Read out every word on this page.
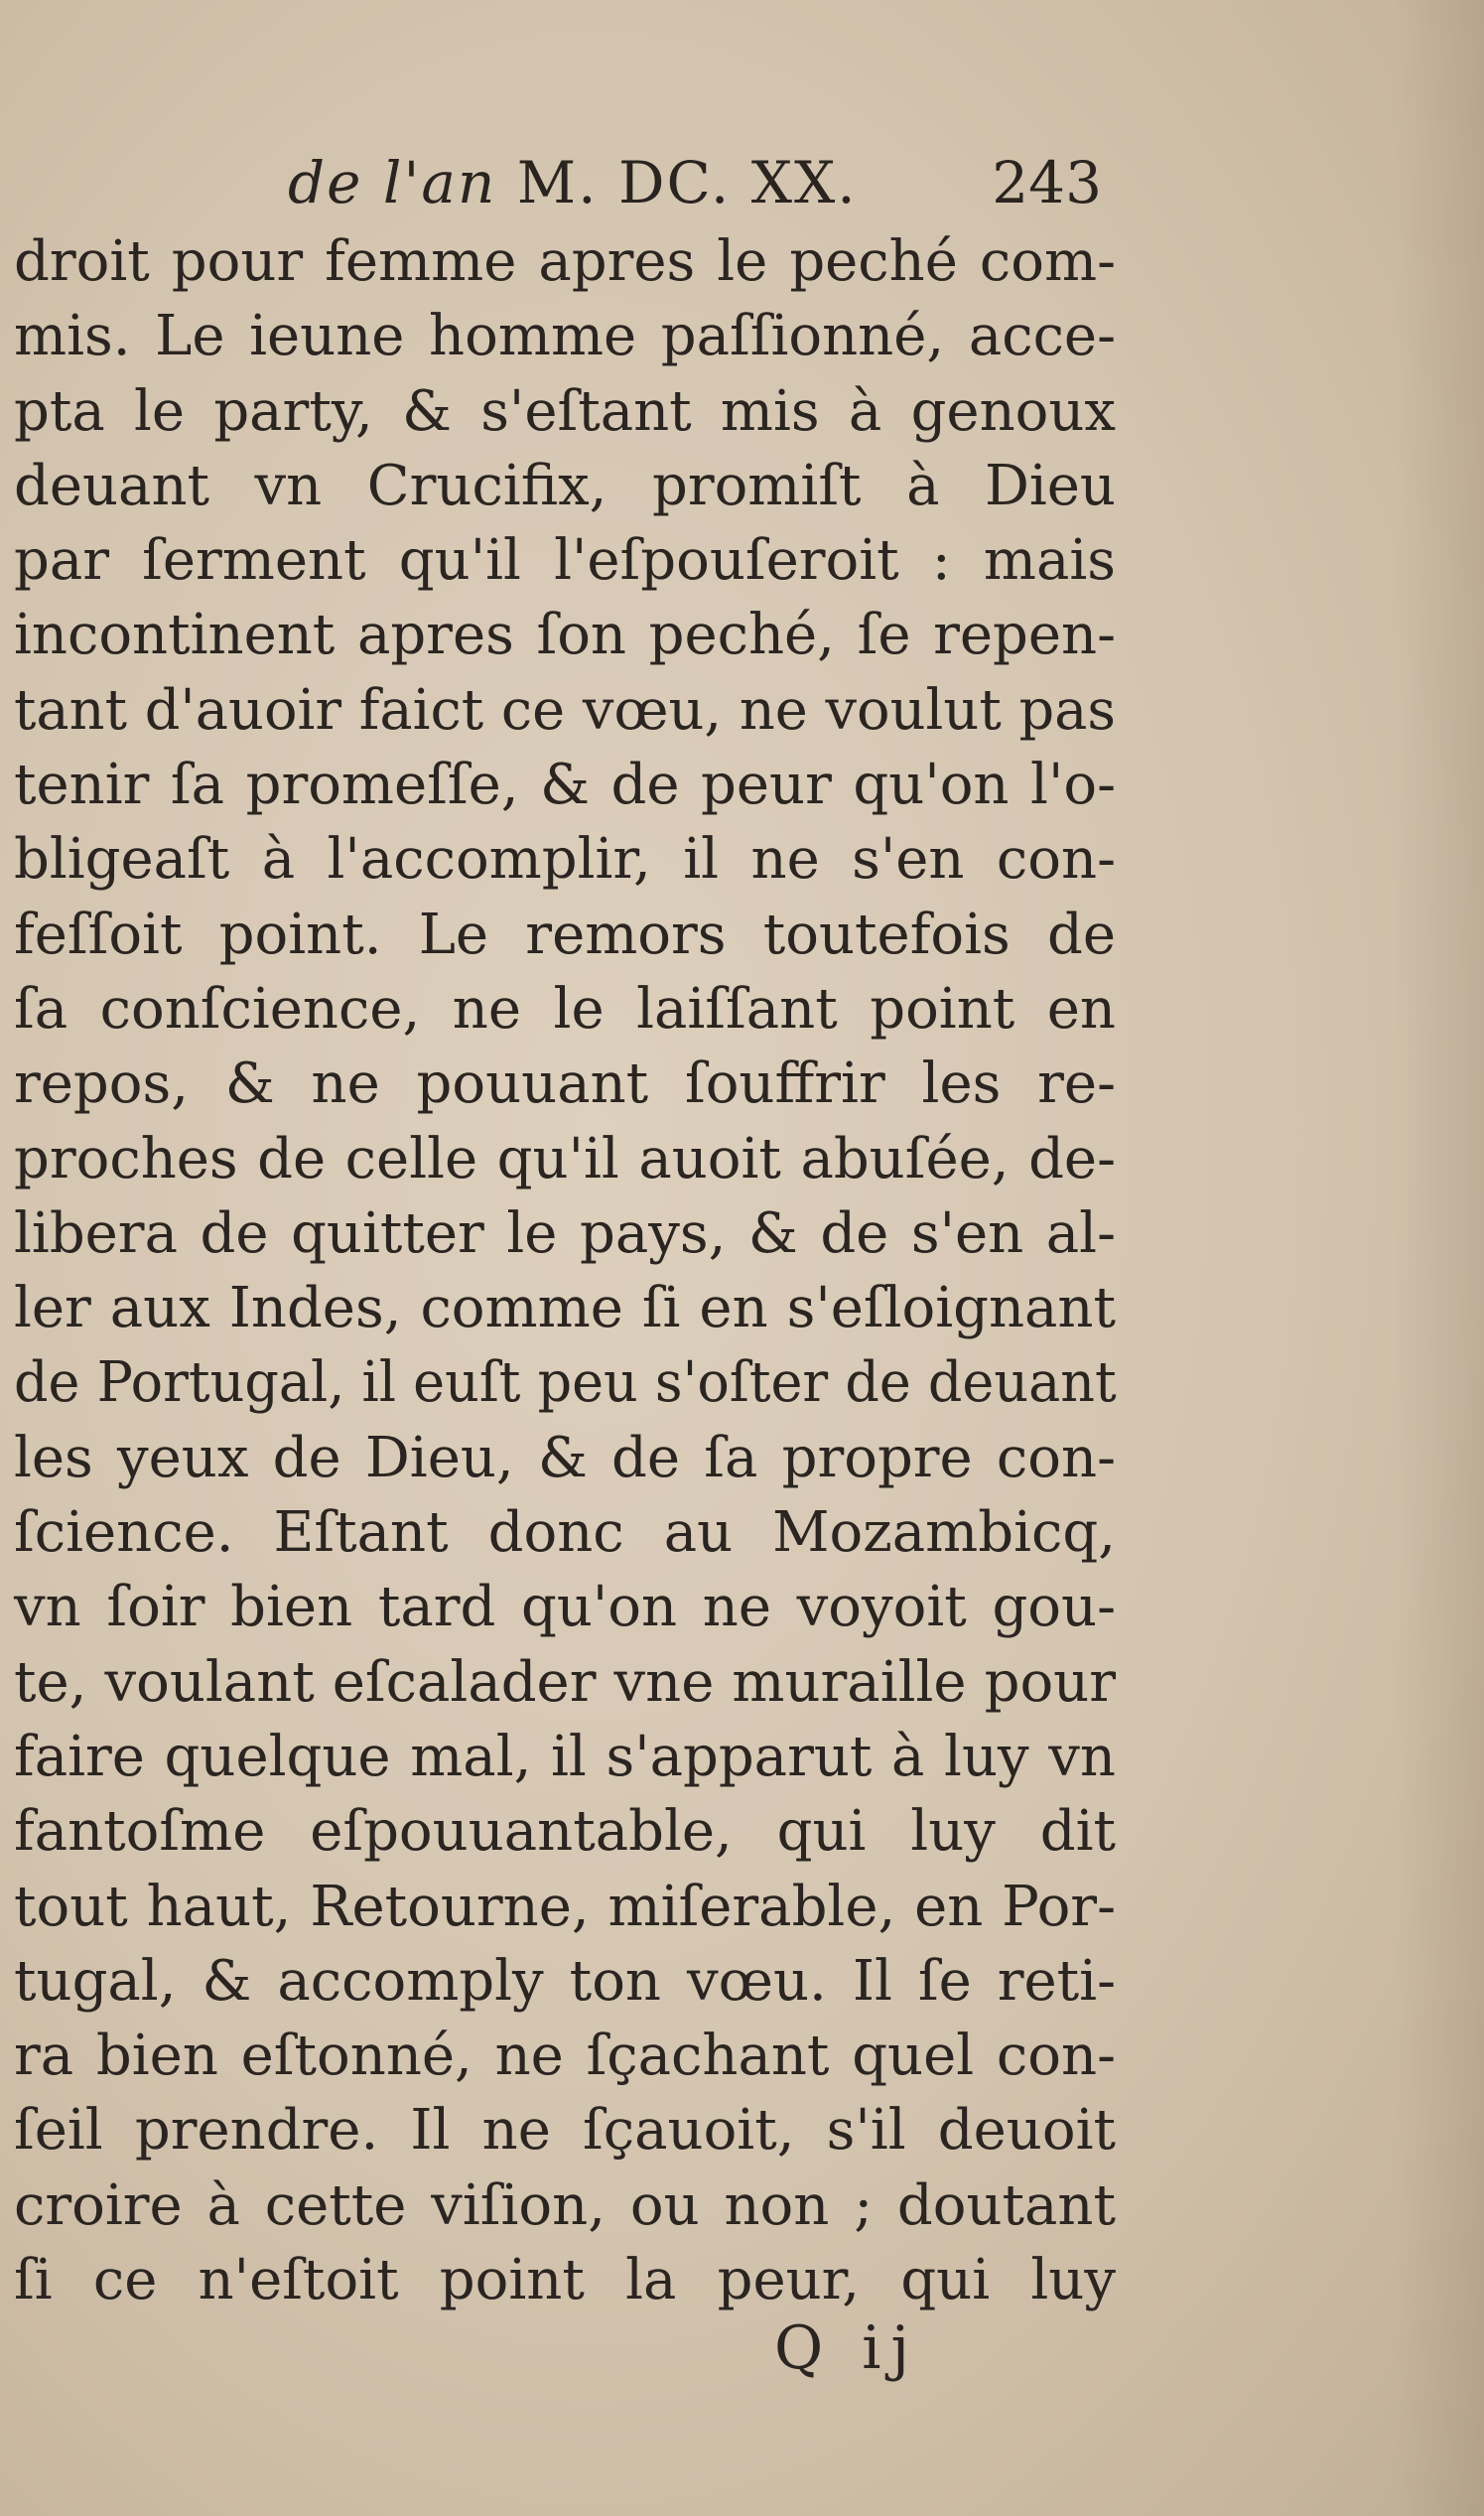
de l'an M. DC. XX. 243
droit pour femme apres le peché com-
mis. Le ieune homme paſſionné, acce-
pta le party, & s'eſtant mis à genoux
deuant vn Crucifix, promiſt à Dieu
par ſerment qu'il l'eſpouſeroit : mais
incontinent apres ſon peché, ſe repen-
tant d'auoir faict ce vœu, ne voulut pas
tenir ſa promeſſe, & de peur qu'on l'o-
bligeaſt à l'accomplir, il ne s'en con-
feſſoit point. Le remors toutefois de
ſa conſcience, ne le laiſſant point en
repos, & ne pouuant ſouffrir les re-
proches de celle qu'il auoit abuſée, de-
libera de quitter le pays, & de s'en al-
ler aux Indes, comme ſi en s'eſloignant
de Portugal, il euſt peu s'oſter de deuant
les yeux de Dieu, & de ſa propre con-
ſcience. Eſtant donc au Mozambicq,
vn ſoir bien tard qu'on ne voyoit gou-
te, voulant eſcalader vne muraille pour
faire quelque mal, il s'apparut à luy vn
fantoſme eſpouuantable, qui luy dit
tout haut, Retourne, miſerable, en Por-
tugal, & accomply ton vœu. Il ſe reti-
ra bien eſtonné, ne ſçachant quel con-
ſeil prendre. Il ne ſçauoit, s'il deuoit
croire à cette viſion, ou non ; doutant
ſi ce n'eſtoit point la peur, qui luy
Q ij
